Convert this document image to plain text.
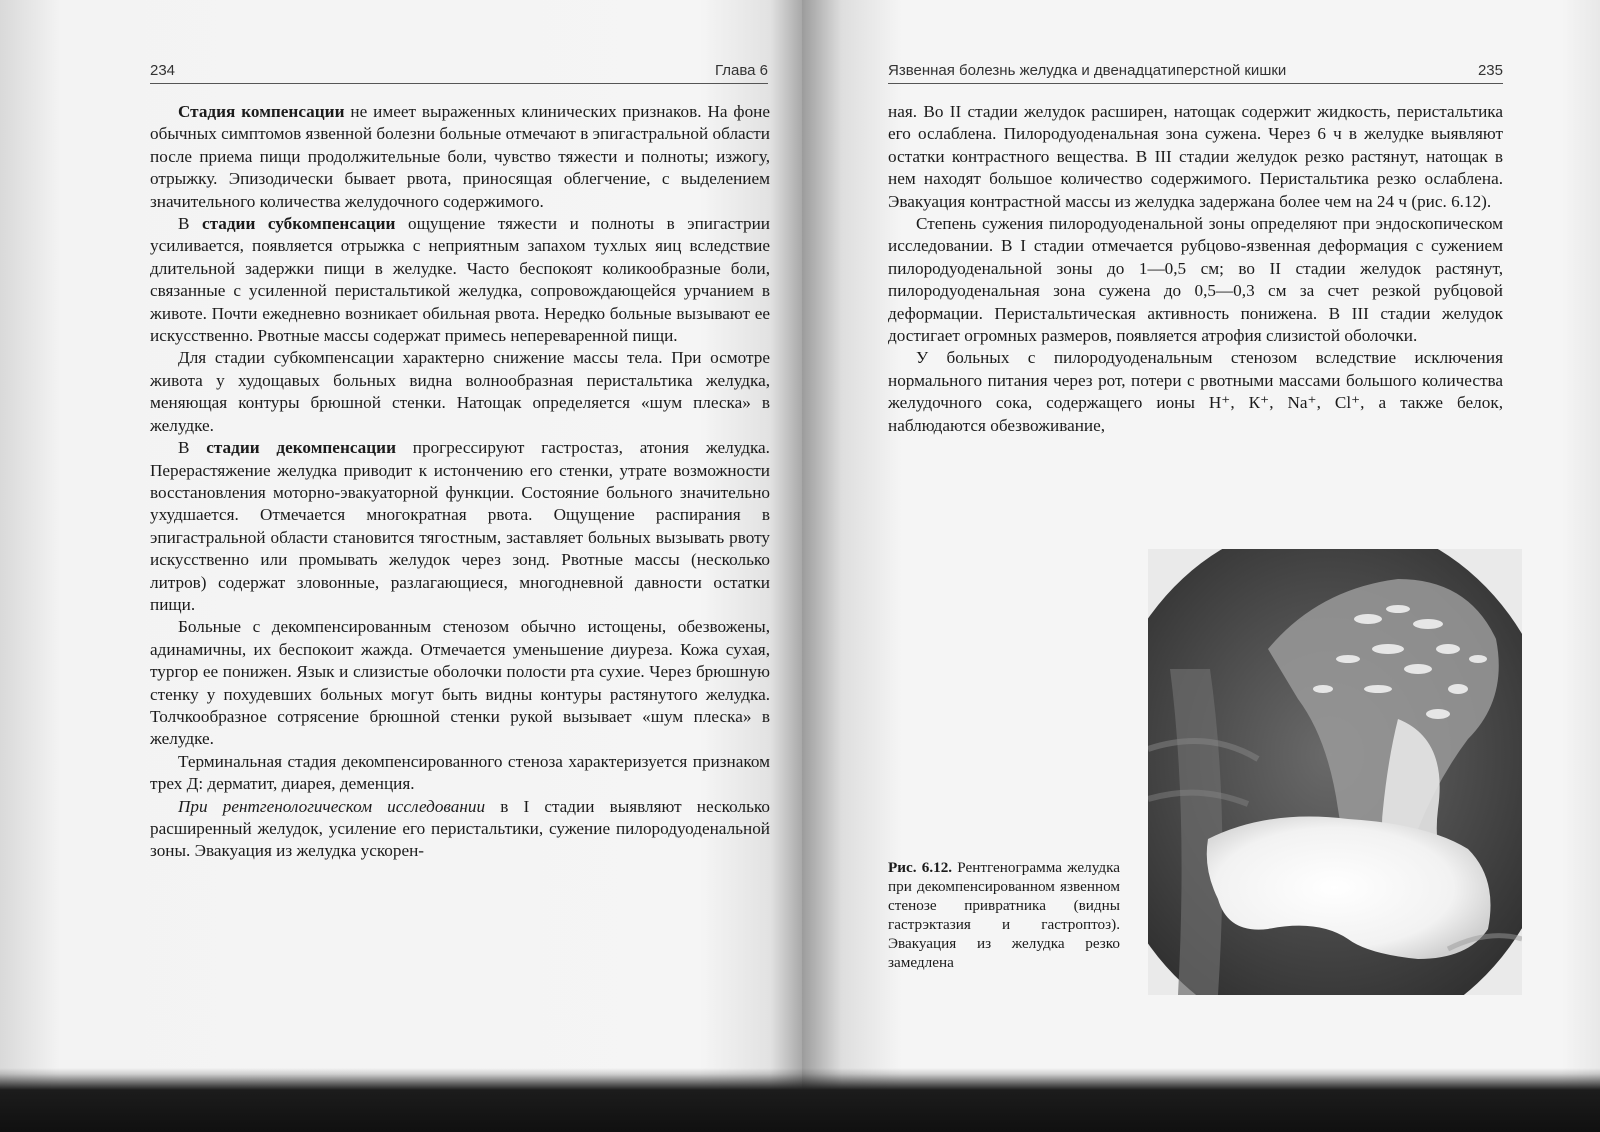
234	Глава 6

Стадия компенсации не имеет выраженных клинических признаков. На фоне обычных симптомов язвенной болезни больные отмечают в эпигастральной области после приема пищи продолжительные боли, чувство тяжести и полноты; изжогу, отрыжку. Эпизодически бывает рвота, приносящая облегчение, с выделением значительного количества желудочного содержимого.

В стадии субкомпенсации ощущение тяжести и полноты в эпигастрии усиливается, появляется отрыжка с неприятным запахом тухлых яиц вследствие длительной задержки пищи в желудке. Часто беспокоят коликообразные боли, связанные с усиленной перистальтикой желудка, сопровождающейся урчанием в животе. Почти ежедневно возникает обильная рвота. Нередко больные вызывают ее искусственно. Рвотные массы содержат примесь непереваренной пищи.

Для стадии субкомпенсации характерно снижение массы тела. При осмотре живота у худощавых больных видна волнообразная перистальтика желудка, меняющая контуры брюшной стенки. Натощак определяется «шум плеска» в желудке.

В стадии декомпенсации прогрессируют гастростаз, атония желудка. Перерастяжение желудка приводит к истончению его стенки, утрате возможности восстановления моторно-эвакуаторной функции. Состояние больного значительно ухудшается. Отмечается многократная рвота. Ощущение распирания в эпигастральной области становится тягостным, заставляет больных вызывать рвоту искусственно или промывать желудок через зонд. Рвотные массы (несколько литров) содержат зловонные, разлагающиеся, многодневной давности остатки пищи.

Больные с декомпенсированным стенозом обычно истощены, обезвожены, адинамичны, их беспокоит жажда. Отмечается уменьшение диуреза. Кожа сухая, тургор ее понижен. Язык и слизистые оболочки полости рта сухие. Через брюшную стенку у похудевших больных могут быть видны контуры растянутого желудка. Толчкообразное сотрясение брюшной стенки рукой вызывает «шум плеска» в желудке.

Терминальная стадия декомпенсированного стеноза характеризуется признаком трех Д: дерматит, диарея, деменция.

При рентгенологическом исследовании в I стадии выявляют несколько расширенный желудок, усиление его перистальтики, сужение пилородуоденальной зоны. Эвакуация из желудка ускорен-

Язвенная болезнь желудка и двенадцатиперстной кишки	235

ная. Во II стадии желудок расширен, натощак содержит жидкость, перистальтика его ослаблена. Пилородуоденальная зона сужена. Через 6 ч в желудке выявляют остатки контрастного вещества. В III стадии желудок резко растянут, натощак в нем находят большое количество содержимого. Перистальтика резко ослаблена. Эвакуация контрастной массы из желудка задержана более чем на 24 ч (рис. 6.12).

Степень сужения пилородуоденальной зоны определяют при эндоскопическом исследовании. В I стадии отмечается рубцово-язвенная деформация с сужением пилородуоденальной зоны до 1—0,5 см; во II стадии желудок растянут, пилородуоденальная зона сужена до 0,5—0,3 см за счет резкой рубцовой деформации. Перистальтическая активность понижена. В III стадии желудок достигает огромных размеров, появляется атрофия слизистой оболочки.

У больных с пилородуоденальным стенозом вследствие исключения нормального питания через рот, потери с рвотными массами большого количества желудочного сока, содержащего ионы Н⁺, К⁺, Na⁺, Cl⁺, а также белок, наблюдаются обезвоживание,

Рис. 6.12. Рентгенограмма желудка при декомпенсированном язвенном стенозе привратника (видны гастрэктазия и гастроптоз). Эвакуация из желудка резко замедлена
